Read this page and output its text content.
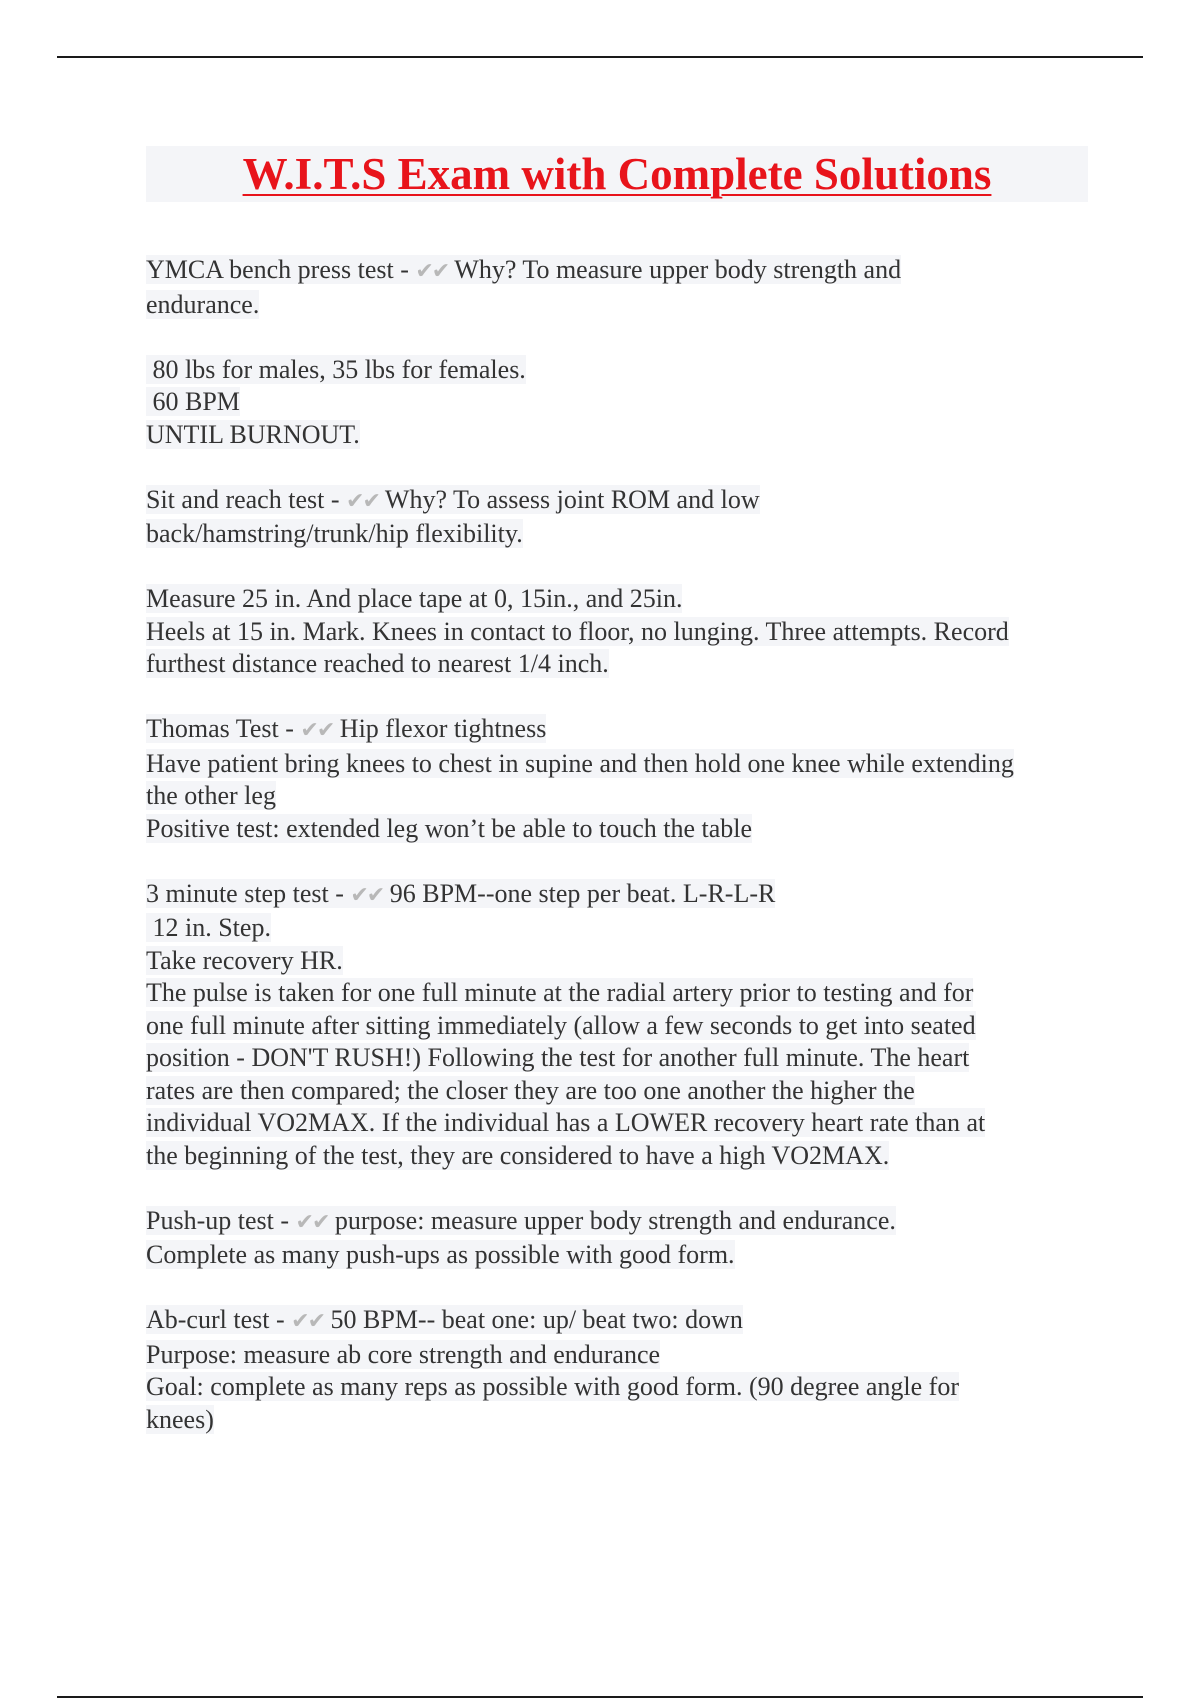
W.I.T.S Exam with Complete Solutions
YMCA bench press test - ✔✔ Why? To measure upper body strength and
endurance.
80 lbs for males, 35 lbs for females.
60 BPM
UNTIL BURNOUT.
Sit and reach test - ✔✔ Why? To assess joint ROM and low
back/hamstring/trunk/hip flexibility.
Measure 25 in. And place tape at 0, 15in., and 25in.
Heels at 15 in. Mark. Knees in contact to floor, no lunging. Three attempts. Record
furthest distance reached to nearest 1/4 inch.
Thomas Test - ✔✔ Hip flexor tightness
Have patient bring knees to chest in supine and then hold one knee while extending
the other leg
Positive test: extended leg won’t be able to touch the table
3 minute step test - ✔✔ 96 BPM--one step per beat. L-R-L-R
12 in. Step.
Take recovery HR.
The pulse is taken for one full minute at the radial artery prior to testing and for
one full minute after sitting immediately (allow a few seconds to get into seated
position - DON'T RUSH!) Following the test for another full minute. The heart
rates are then compared; the closer they are too one another the higher the
individual VO2MAX. If the individual has a LOWER recovery heart rate than at
the beginning of the test, they are considered to have a high VO2MAX.
Push-up test - ✔✔ purpose: measure upper body strength and endurance.
Complete as many push-ups as possible with good form.
Ab-curl test - ✔✔ 50 BPM-- beat one: up/ beat two: down
Purpose: measure ab core strength and endurance
Goal: complete as many reps as possible with good form. (90 degree angle for
knees)
